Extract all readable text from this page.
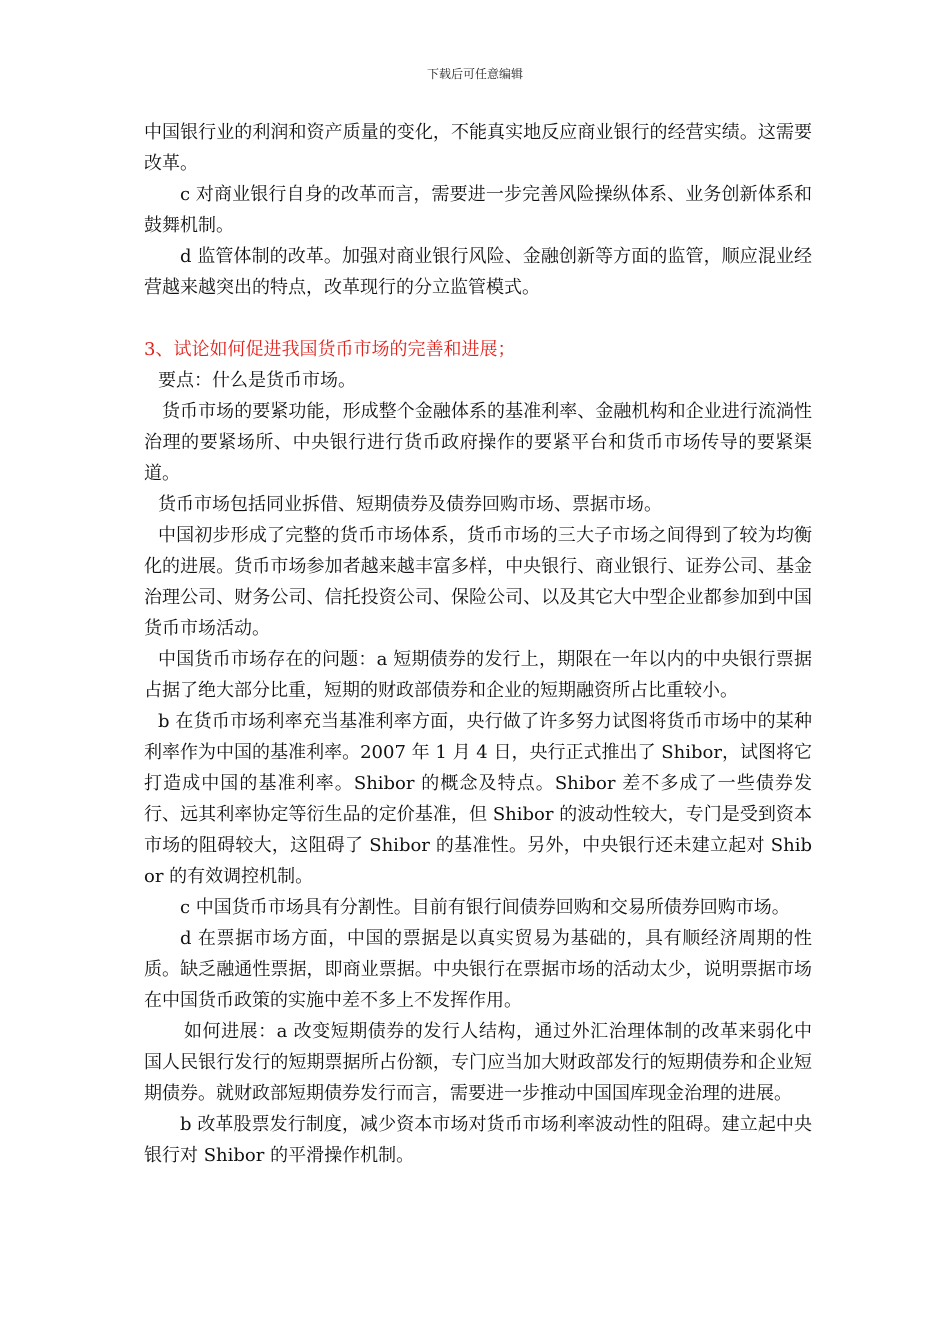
下载后可任意编辑

中国银行业的利润和资产质量的变化，不能真实地反应商业银行的经营实绩。这需要改革。

c 对商业银行自身的改革而言，需要进一步完善风险操纵体系、业务创新体系和鼓舞机制。

d 监管体制的改革。加强对商业银行风险、金融创新等方面的监管，顺应混业经营越来越突出的特点，改革现行的分立监管模式。

3、试论如何促进我国货币市场的完善和进展；

要点：什么是货币市场。

货币市场的要紧功能，形成整个金融体系的基准利率、金融机构和企业进行流淌性治理的要紧场所、中央银行进行货币政府操作的要紧平台和货币市场传导的要紧渠道。

货币市场包括同业拆借、短期债券及债券回购市场、票据市场。

中国初步形成了完整的货币市场体系，货币市场的三大子市场之间得到了较为均衡化的进展。货币市场参加者越来越丰富多样，中央银行、商业银行、证券公司、基金治理公司、财务公司、信托投资公司、保险公司、以及其它大中型企业都参加到中国货币市场活动。

中国货币市场存在的问题：a 短期债券的发行上，期限在一年以内的中央银行票据占据了绝大部分比重，短期的财政部债券和企业的短期融资所占比重较小。

b 在货币市场利率充当基准利率方面，央行做了许多努力试图将货币市场中的某种利率作为中国的基准利率。2007 年 1 月 4 日，央行正式推出了 Shibor，试图将它打造成中国的基准利率。Shibor 的概念及特点。Shibor 差不多成了一些债券发行、远其利率协定等衍生品的定价基准，但 Shibor 的波动性较大，专门是受到资本市场的阻碍较大，这阻碍了 Shibor 的基准性。另外，中央银行还未建立起对 Shibor 的有效调控机制。

c 中国货币市场具有分割性。目前有银行间债券回购和交易所债券回购市场。

d 在票据市场方面，中国的票据是以真实贸易为基础的，具有顺经济周期的性质。缺乏融通性票据，即商业票据。中央银行在票据市场的活动太少，说明票据市场在中国货币政策的实施中差不多上不发挥作用。

如何进展：a 改变短期债券的发行人结构，通过外汇治理体制的改革来弱化中国人民银行发行的短期票据所占份额，专门应当加大财政部发行的短期债券和企业短期债券。就财政部短期债券发行而言，需要进一步推动中国国库现金治理的进展。

b 改革股票发行制度，减少资本市场对货币市场利率波动性的阻碍。建立起中央银行对 Shibor 的平滑操作机制。
